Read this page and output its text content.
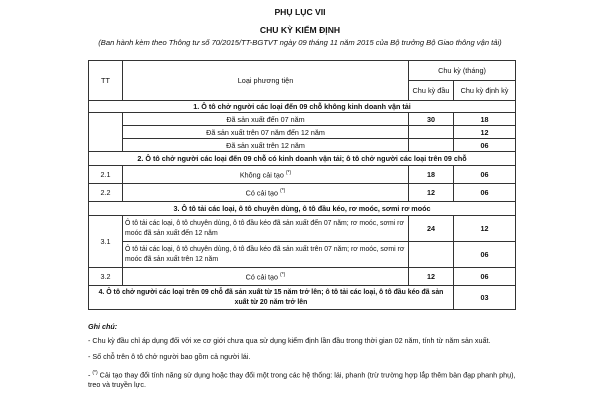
PHỤ LỤC VII
CHU KỲ KIỂM ĐỊNH
(Ban hành kèm theo Thông tư số 70/2015/TT-BGTVT ngày 09 tháng 11 năm 2015 của Bộ trưởng Bộ Giao thông vận tải)
TT	Loại phương tiện	Chu kỳ (tháng)	
		Chu kỳ đầu	Chu kỳ định kỳ
1. Ô tô chở người các loại đến 09 chỗ không kinh doanh vận tải			
	Đã sản xuất đến 07 năm	30	18
	Đã sản xuất trên 07 năm đến 12 năm		12
	Đã sản xuất trên 12 năm		06
2. Ô tô chở người các loại đến 09 chỗ có kinh doanh vận tải; ô tô chở người các loại trên 09 chỗ			
2.1	Không cải tạo (*)	18	06
2.2	Có cải tạo (*)	12	06
3. Ô tô tải các loại, ô tô chuyên dùng, ô tô đầu kéo, rơ moóc, sơmi rơ moóc			
3.1	Ô tô tải các loại, ô tô chuyên dùng, ô tô đầu kéo đã sản xuất đến 07 năm; rơ moóc, sơmi rơ moóc đã sản xuất đến 12 năm	24	12
	Ô tô tải các loại, ô tô chuyên dùng, ô tô đầu kéo đã sản xuất trên 07 năm; rơ moóc, sơmi rơ moóc đã sản xuất trên 12 năm		06
3.2	Có cải tạo (*)	12	06
4. Ô tô chở người các loại trên 09 chỗ đã sản xuất từ 15 năm trở lên; ô tô tải các loại, ô tô đầu kéo đã sản xuất từ 20 năm trở lên			03
Ghi chú:
- Chu kỳ đầu chỉ áp dụng đối với xe cơ giới chưa qua sử dụng kiểm định lần đầu trong thời gian 02 năm, tính từ năm sản xuất.
- Số chỗ trên ô tô chở người bao gồm cả người lái.
- (*) Cải tạo thay đổi tính năng sử dụng hoặc thay đổi một trong các hệ thống: lái, phanh (trừ trường hợp lắp thêm bàn đạp phanh phụ), treo và truyền lực.
